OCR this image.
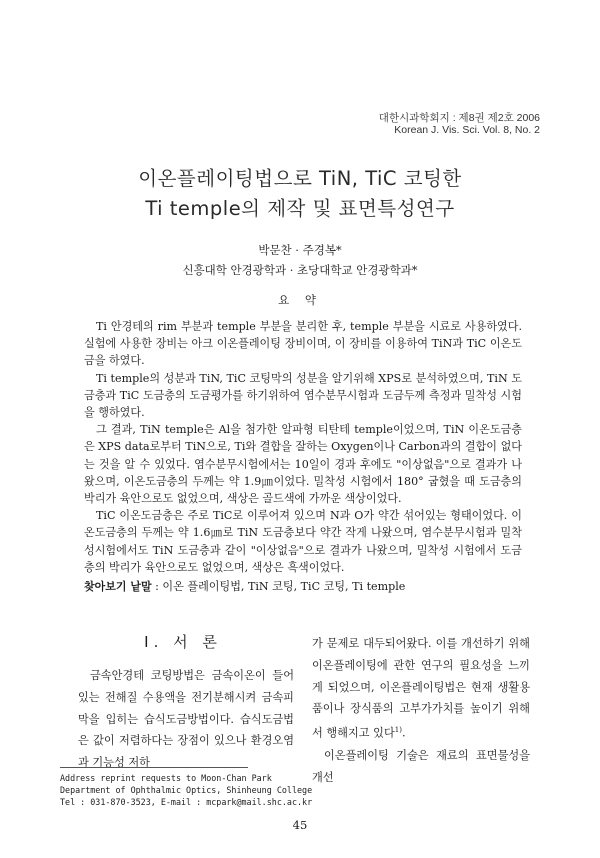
대한시과학회지 : 제8권 제2호 2006
Korean J. Vis. Sci. Vol. 8, No. 2
이온플레이팅법으로 TiN, TiC 코팅한
Ti temple의 제작 및 표면특성연구
박문찬 · 주경복*
신흥대학 안경광학과 · 초당대학교 안경광학과*
요 약

Ti 안경테의 rim 부분과 temple 부분을 분리한 후, temple 부분을 시료로 사용하였다. 실험에 사용한 장비는 아크 이온플레이팅 장비이며, 이 장비를 이용하여 TiN과 TiC 이온도금을 하였다.

Ti temple의 성분과 TiN, TiC 코팅막의 성분을 알기위해 XPS로 분석하였으며, TiN 도금층과 TiC 도금층의 도금평가를 하기위하여 염수분무시험과 도금두께 측정과 밀착성 시험을 행하였다.

그 결과, TiN temple은 Al을 첨가한 알파형 티탄테 temple이었으며, TiN 이온도금층은 XPS data로부터 TiN으로, Ti와 결합을 잘하는 Oxygen이나 Carbon과의 결합이 없다는 것을 알 수 있었다. 염수분무시험에서는 10일이 경과 후에도 "이상없음"으로 결과가 나왔으며, 이온도금층의 두께는 약 1.9㎛이었다. 밀착성 시험에서 180° 굽혔을 때 도금층의 박리가 육안으로도 없었으며, 색상은 골드색에 가까운 색상이었다.

TiC 이온도금층은 주로 TiC로 이루어져 있으며 N과 O가 약간 섞어있는 형태이었다. 이온도금층의 두께는 약 1.6㎛로 TiN 도금층보다 약간 작게 나왔으며, 염수분무시험과 밀착성시험에서도 TiN 도금층과 같이 "이상없음"으로 결과가 나왔으며, 밀착성 시험에서 도금층의 박리가 육안으로도 없었으며, 색상은 흑색이었다.

찾아보기 낱말 : 이온 플레이팅법, TiN 코팅, TiC 코팅, Ti temple
I. 서 론

금속안경테 코팅방법은 금속이온이 들어있는 전해질 수용액을 전기분해시켜 금속피막을 입히는 습식도금방법이다. 습식도금법은 값이 저렴하다는 장점이 있으나 환경오염과 기능성 저하

가 문제로 대두되어왔다. 이를 개선하기 위해 이온플레이팅에 관한 연구의 필요성을 느끼게 되었으며, 이온플레이팅법은 현재 생활용품이나 장식품의 고부가가치를 높이기 위해서 행해지고 있다$^{1)}$.

이온플레이팅 기술은 재료의 표면물성을 개선

Address reprint requests to Moon-Chan Park
Department of Ophthalmic Optics, Shinheung College
Tel : 031-870-3523, E-mail : mcpark@mail.shc.ac.kr
45
